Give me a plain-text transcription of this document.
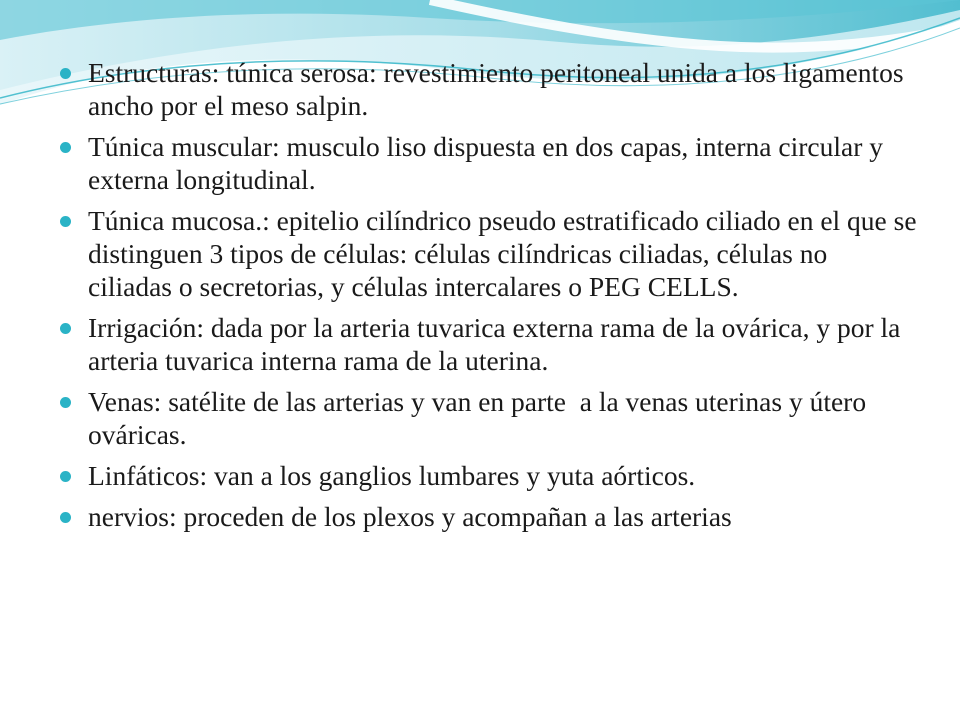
Estructuras: túnica serosa: revestimiento peritoneal unida a los ligamentos ancho por el meso salpin.
Túnica muscular: musculo liso dispuesta en dos capas, interna circular y externa longitudinal.
Túnica mucosa.: epitelio cilíndrico pseudo estratificado ciliado en el que se distinguen 3 tipos de células: células cilíndricas ciliadas, células no ciliadas o secretorias, y células intercalares o PEG CELLS.
Irrigación: dada por la arteria tuvarica externa rama de la ovárica, y por la arteria tuvarica interna rama de la uterina.
Venas: satélite de las arterias y van en parte  a la venas uterinas y útero ováricas.
Linfáticos: van a los ganglios lumbares y yuta aórticos.
nervios: proceden de los plexos y acompañan a las arterias
